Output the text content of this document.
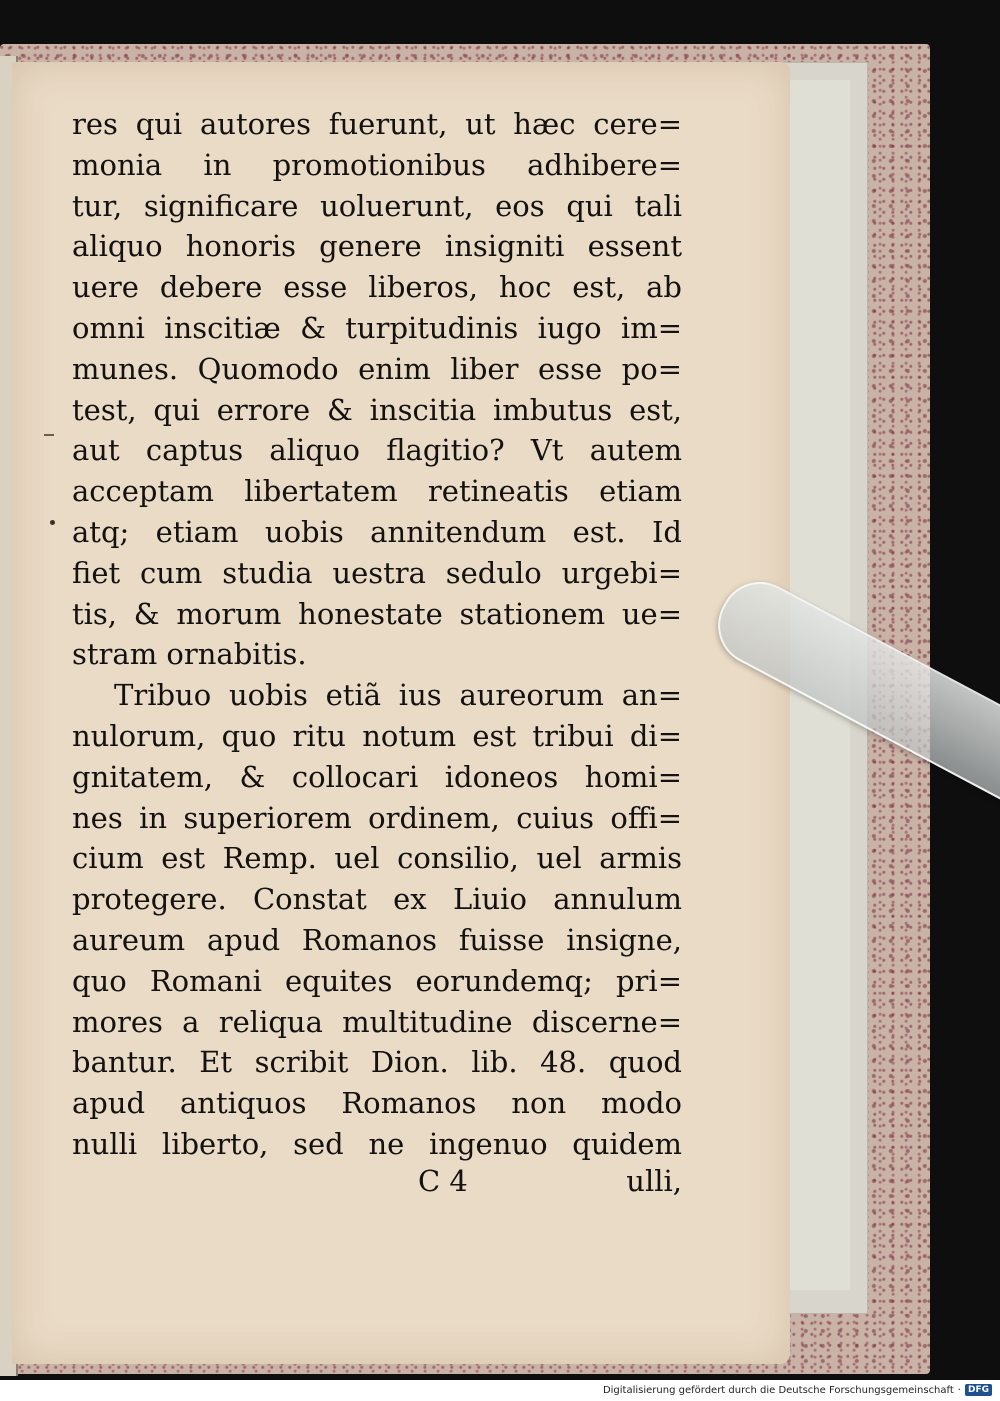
res qui autores fuerunt, ut hæc cere=
monia in promotionibus adhibere=
tur, significare uoluerunt, eos qui tali
aliquo honoris genere insigniti essent
uere debere esse liberos, hoc est, ab
omni inscitiæ & turpitudinis iugo im=
munes. Quomodo enim liber esse po=
test, qui errore & inscitia imbutus est,
aut captus aliquo flagitio? Vt autem
acceptam libertatem retineatis etiam
atq; etiam uobis annitendum est. Id
fiet cum studia uestra sedulo urgebi=
tis, & morum honestate stationem ue=
stram ornabitis.
Tribuo uobis etiã ius aureorum an=
nulorum, quo ritu notum est tribui di=
gnitatem, & collocari idoneos homi=
nes in superiorem ordinem, cuius offi=
cium est Remp. uel consilio, uel armis
protegere. Constat ex Liuio annulum
aureum apud Romanos fuisse insigne,
quo Romani equites eorundemq; pri=
mores a reliqua multitudine discerne=
bantur. Et scribit Dion. lib. 48. quod
apud antiquos Romanos non modo
nulli liberto, sed ne ingenuo quidem
C 4	ulli,
Digitalisierung gefördert durch die Deutsche Forschungsgemeinschaft · DFG
